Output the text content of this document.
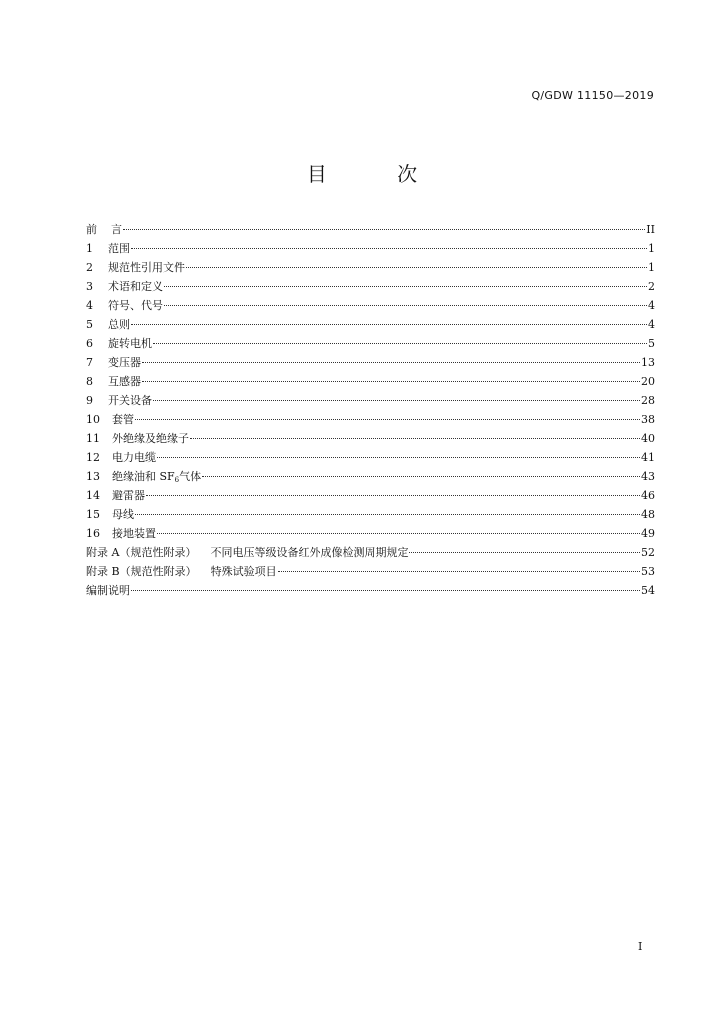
Q/GDW 11150—2019
目 次
前 言	II
1 范围	1
2 规范性引用文件	1
3 术语和定义	2
4 符号、代号	4
5 总则	4
6 旋转电机	5
7 变压器	13
8 互感器	20
9 开关设备	28
10 套管	38
11 外绝缘及绝缘子	40
12 电力电缆	41
13 绝缘油和 $SF_6$气体	43
14 避雷器	46
15 母线	48
16 接地装置	49
附录 A（规范性附录） 不同电压等级设备红外成像检测周期规定	52
附录 B（规范性附录） 特殊试验项目	53
编制说明	54
I
